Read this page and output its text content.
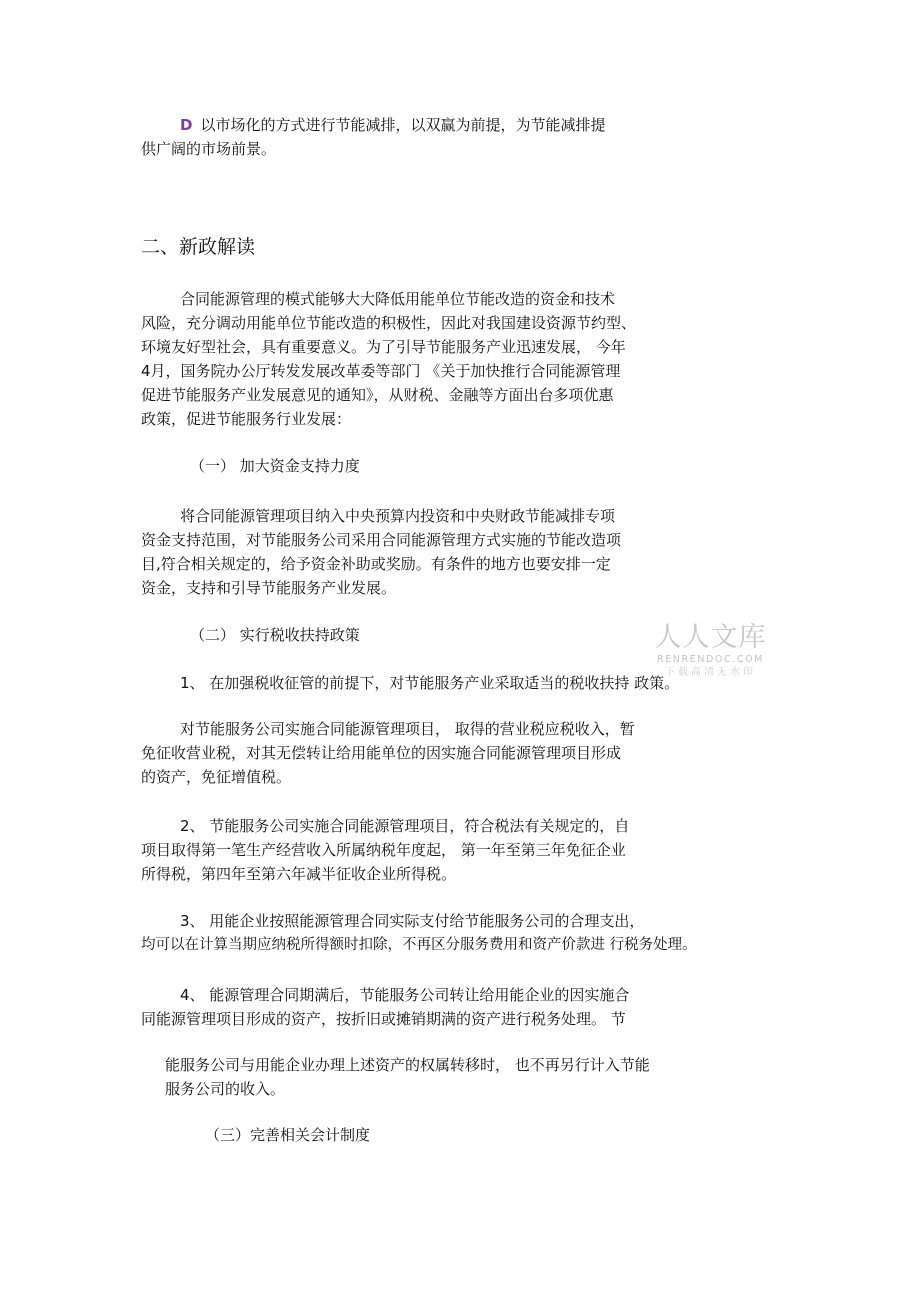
D 以市场化的方式进行节能减排，以双赢为前提，为节能减排提
供广阔的市场前景。
二、新政解读
合同能源管理的模式能够大大降低用能单位节能改造的资金和技术
风险，充分调动用能单位节能改造的积极性，因此对我国建设资源节约型、
环境友好型社会，具有重要意义。为了引导节能服务产业迅速发展， 今年
4月，国务院办公厅转发发展改革委等部门 《关于加快推行合同能源管理
促进节能服务产业发展意见的通知》，从财税、金融等方面出台多项优惠
政策，促进节能服务行业发展：
（一） 加大资金支持力度
将合同能源管理项目纳入中央预算内投资和中央财政节能减排专项
资金支持范围，对节能服务公司采用合同能源管理方式实施的节能改造项
目,符合相关规定的，给予资金补助或奖励。有条件的地方也要安排一定
资金，支持和引导节能服务产业发展。
（二） 实行税收扶持政策
1、 在加强税收征管的前提下，对节能服务产业采取适当的税收扶持 政策。
对节能服务公司实施合同能源管理项目， 取得的营业税应税收入，暂
免征收营业税，对其无偿转让给用能单位的因实施合同能源管理项目形成
的资产，免征增值税。
2、 节能服务公司实施合同能源管理项目，符合税法有关规定的，自
项目取得第一笔生产经营收入所属纳税年度起， 第一年至第三年免征企业
所得税，第四年至第六年减半征收企业所得税。
3、 用能企业按照能源管理合同实际支付给节能服务公司的合理支出，
均可以在计算当期应纳税所得额时扣除，不再区分服务费用和资产价款进 行税务处理。
4、 能源管理合同期满后，节能服务公司转让给用能企业的因实施合
同能源管理项目形成的资产，按折旧或摊销期满的资产进行税务处理。 节
能服务公司与用能企业办理上述资产的权属转移时， 也不再另行计入节能
服务公司的收入。
（三）完善相关会计制度
人人文库
RENRENDOC.COM
下载高清无水印
